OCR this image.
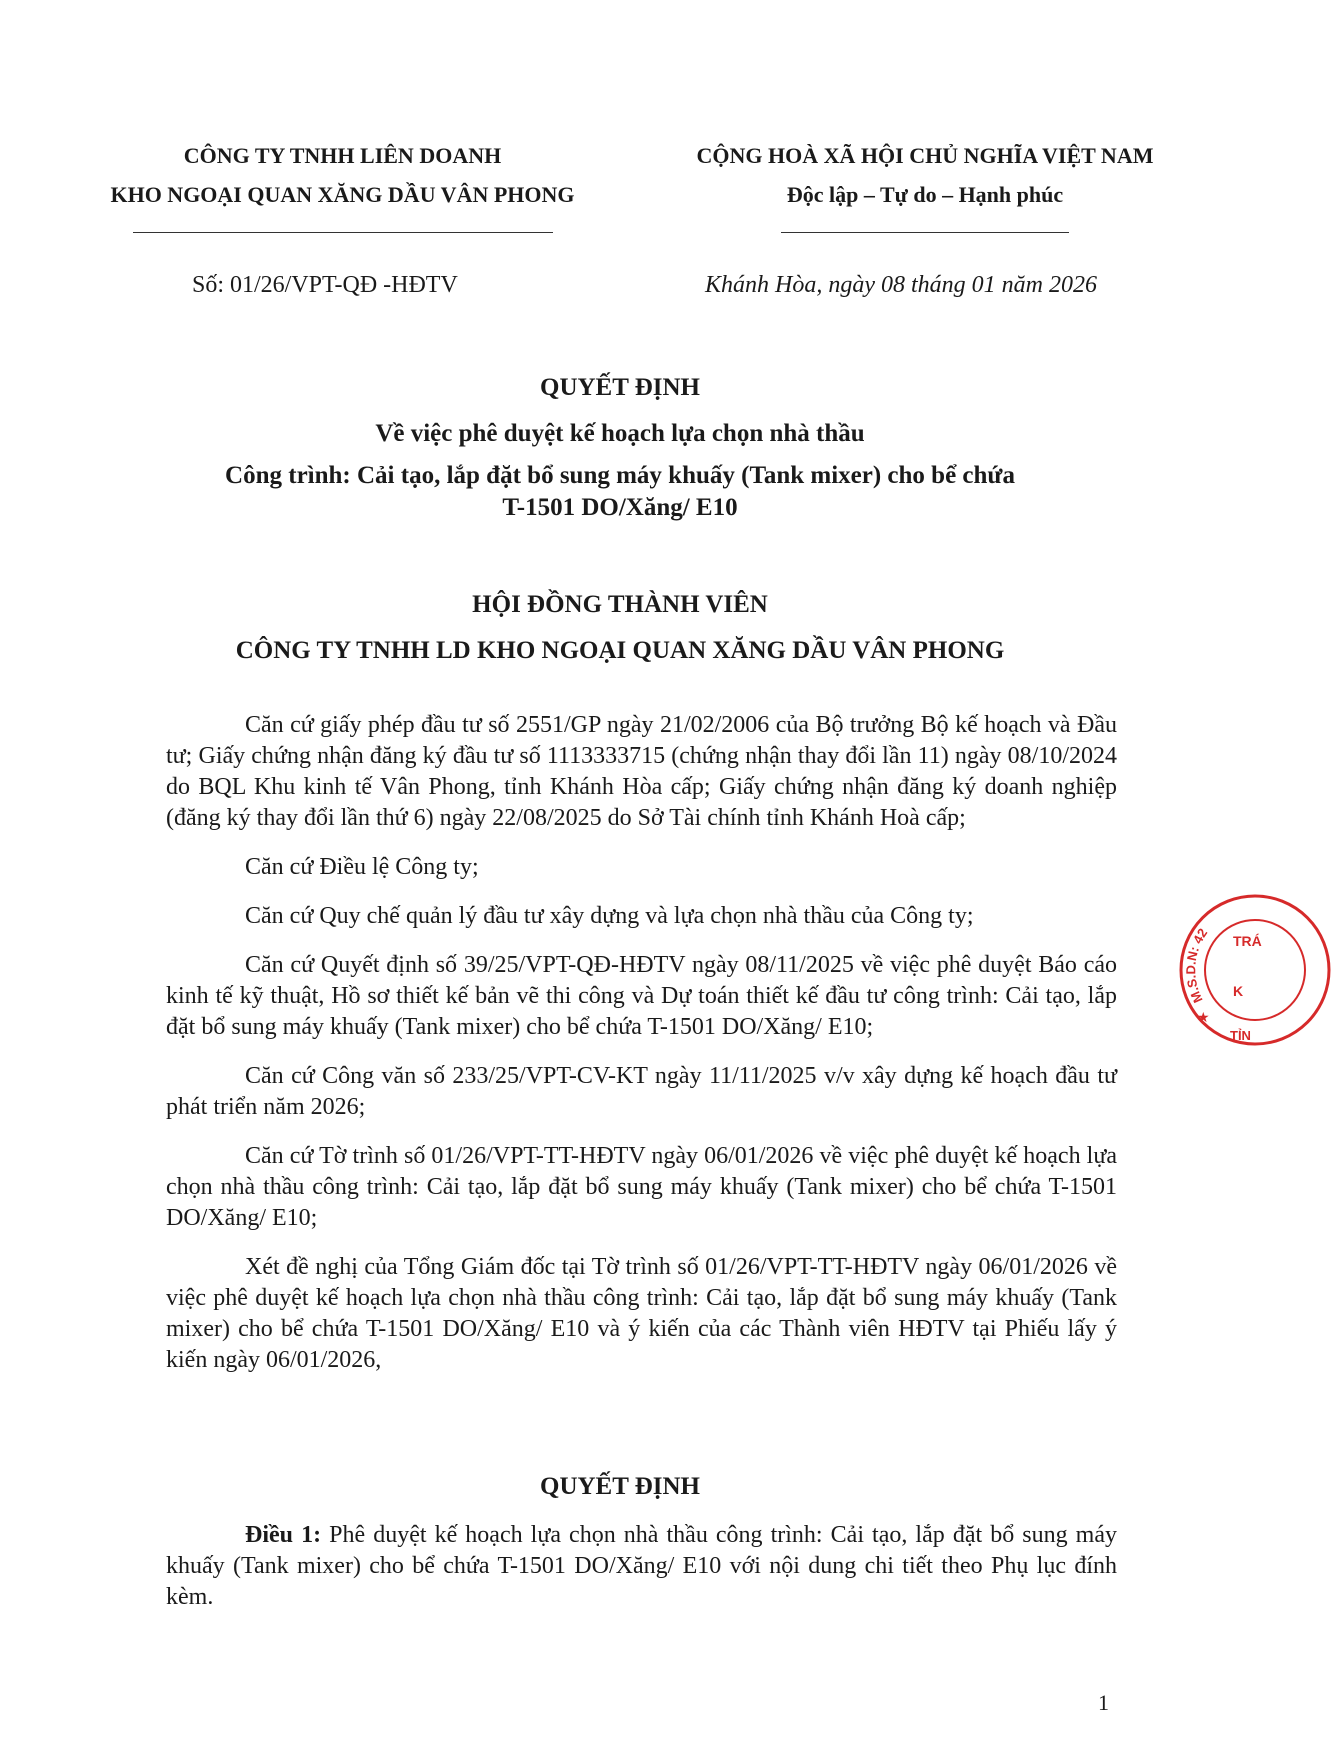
CÔNG TY TNHH LIÊN DOANH
KHO NGOẠI QUAN XĂNG DẦU VÂN PHONG
CỘNG HOÀ XÃ HỘI CHỦ NGHĨA VIỆT NAM
Độc lập – Tự do – Hạnh phúc
Số: 01/26/VPT-QĐ -HĐTV	Khánh Hòa, ngày 08 tháng 01 năm 2026
QUYẾT ĐỊNH
Về việc phê duyệt kế hoạch lựa chọn nhà thầu
Công trình: Cải tạo, lắp đặt bổ sung máy khuấy (Tank mixer) cho bể chứa
T-1501 DO/Xăng/ E10
HỘI ĐỒNG THÀNH VIÊN
CÔNG TY TNHH LD KHO NGOẠI QUAN XĂNG DẦU VÂN PHONG

Căn cứ giấy phép đầu tư số 2551/GP ngày 21/02/2006 của Bộ trưởng Bộ kế hoạch và Đầu tư; Giấy chứng nhận đăng ký đầu tư số 1113333715 (chứng nhận thay đổi lần 11) ngày 08/10/2024 do BQL Khu kinh tế Vân Phong, tỉnh Khánh Hòa cấp; Giấy chứng nhận đăng ký doanh nghiệp (đăng ký thay đổi lần thứ 6) ngày 22/08/2025 do Sở Tài chính tỉnh Khánh Hoà cấp;

Căn cứ Điều lệ Công ty;

Căn cứ Quy chế quản lý đầu tư xây dựng và lựa chọn nhà thầu của Công ty;

Căn cứ Quyết định số 39/25/VPT-QĐ-HĐTV ngày 08/11/2025 về việc phê duyệt Báo cáo kinh tế kỹ thuật, Hồ sơ thiết kế bản vẽ thi công và Dự toán thiết kế đầu tư công trình: Cải tạo, lắp đặt bổ sung máy khuấy (Tank mixer) cho bể chứa T-1501 DO/Xăng/ E10;

Căn cứ Công văn số 233/25/VPT-CV-KT ngày 11/11/2025 v/v xây dựng kế hoạch đầu tư phát triển năm 2026;

Căn cứ Tờ trình số 01/26/VPT-TT-HĐTV ngày 06/01/2026 về việc phê duyệt kế hoạch lựa chọn nhà thầu công trình: Cải tạo, lắp đặt bổ sung máy khuấy (Tank mixer) cho bể chứa T-1501 DO/Xăng/ E10;

Xét đề nghị của Tổng Giám đốc tại Tờ trình số 01/26/VPT-TT-HĐTV ngày 06/01/2026 về việc phê duyệt kế hoạch lựa chọn nhà thầu công trình: Cải tạo, lắp đặt bổ sung máy khuấy (Tank mixer) cho bể chứa T-1501 DO/Xăng/ E10 và ý kiến của các Thành viên HĐTV tại Phiếu lấy ý kiến ngày 06/01/2026,

QUYẾT ĐỊNH
Điều 1: Phê duyệt kế hoạch lựa chọn nhà thầu công trình: Cải tạo, lắp đặt bổ sung máy khuấy (Tank mixer) cho bể chứa T-1501 DO/Xăng/ E10 với nội dung chi tiết theo Phụ lục đính kèm.
1
M.S.D.N: 42
★
TRÁ
K
TỈN
